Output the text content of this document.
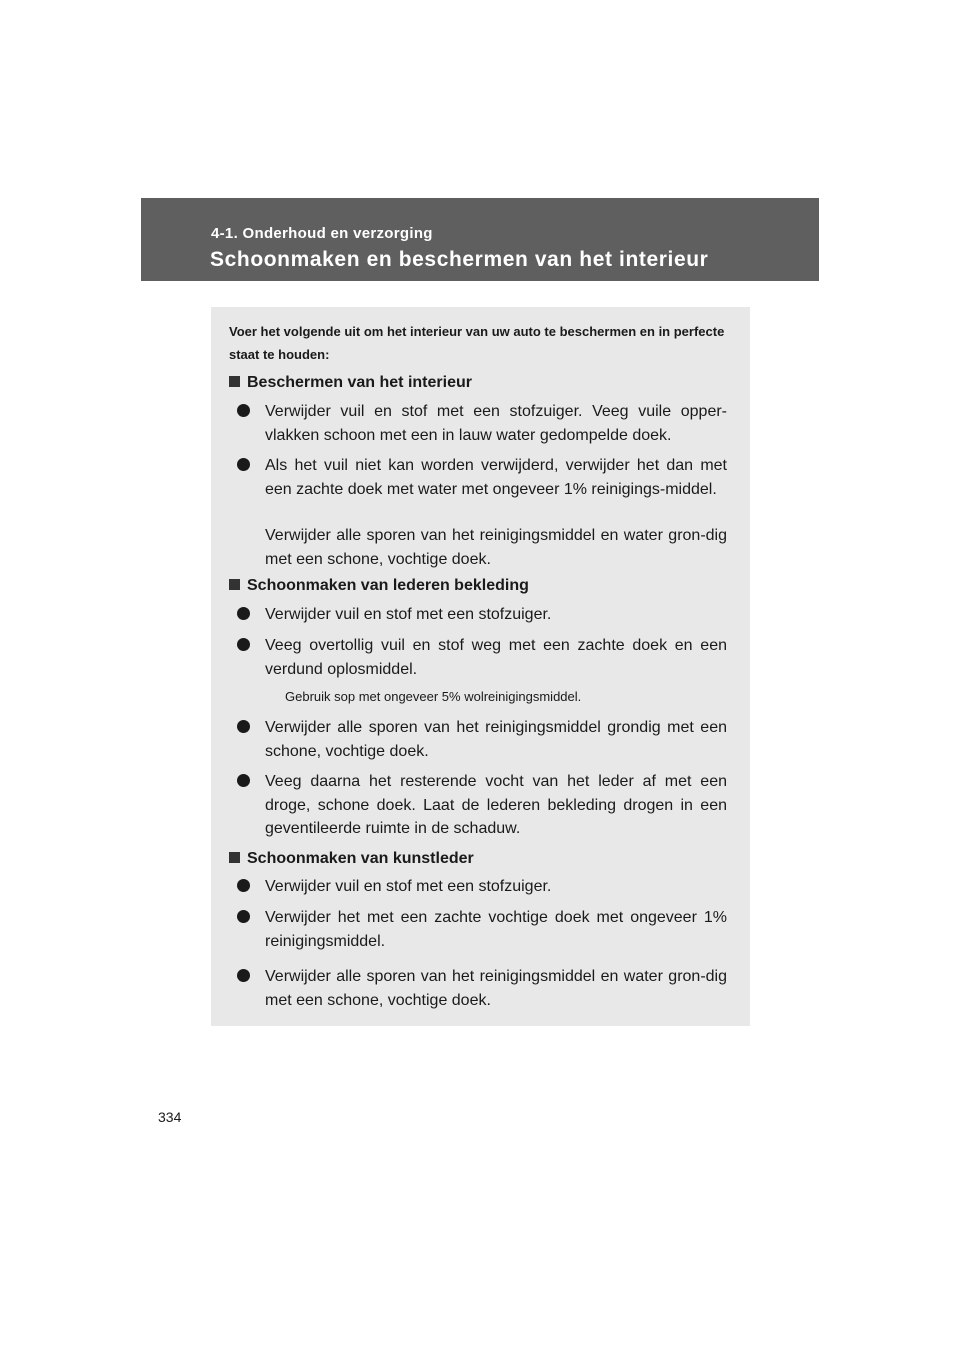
4-1. Onderhoud en verzorging
Schoonmaken en beschermen van het interieur
Voer het volgende uit om het interieur van uw auto te beschermen en in perfecte staat te houden:
Beschermen van het interieur
Verwijder vuil en stof met een stofzuiger. Veeg vuile opper-vlakken schoon met een in lauw water gedompelde doek.
Als het vuil niet kan worden verwijderd, verwijder het dan met een zachte doek met water met ongeveer 1% reinigings-middel.
Verwijder alle sporen van het reinigingsmiddel en water gron-dig met een schone, vochtige doek.
Schoonmaken van lederen bekleding
Verwijder vuil en stof met een stofzuiger.
Veeg overtollig vuil en stof weg met een zachte doek en een verdund oplosmiddel.
Gebruik sop met ongeveer 5% wolreinigingsmiddel.
Verwijder alle sporen van het reinigingsmiddel grondig met een schone, vochtige doek.
Veeg daarna het resterende vocht van het leder af met een droge, schone doek. Laat de lederen bekleding drogen in een geventileerde ruimte in de schaduw.
Schoonmaken van kunstleder
Verwijder vuil en stof met een stofzuiger.
Verwijder het met een zachte vochtige doek met ongeveer 1% reinigingsmiddel.
Verwijder alle sporen van het reinigingsmiddel en water gron-dig met een schone, vochtige doek.
334
